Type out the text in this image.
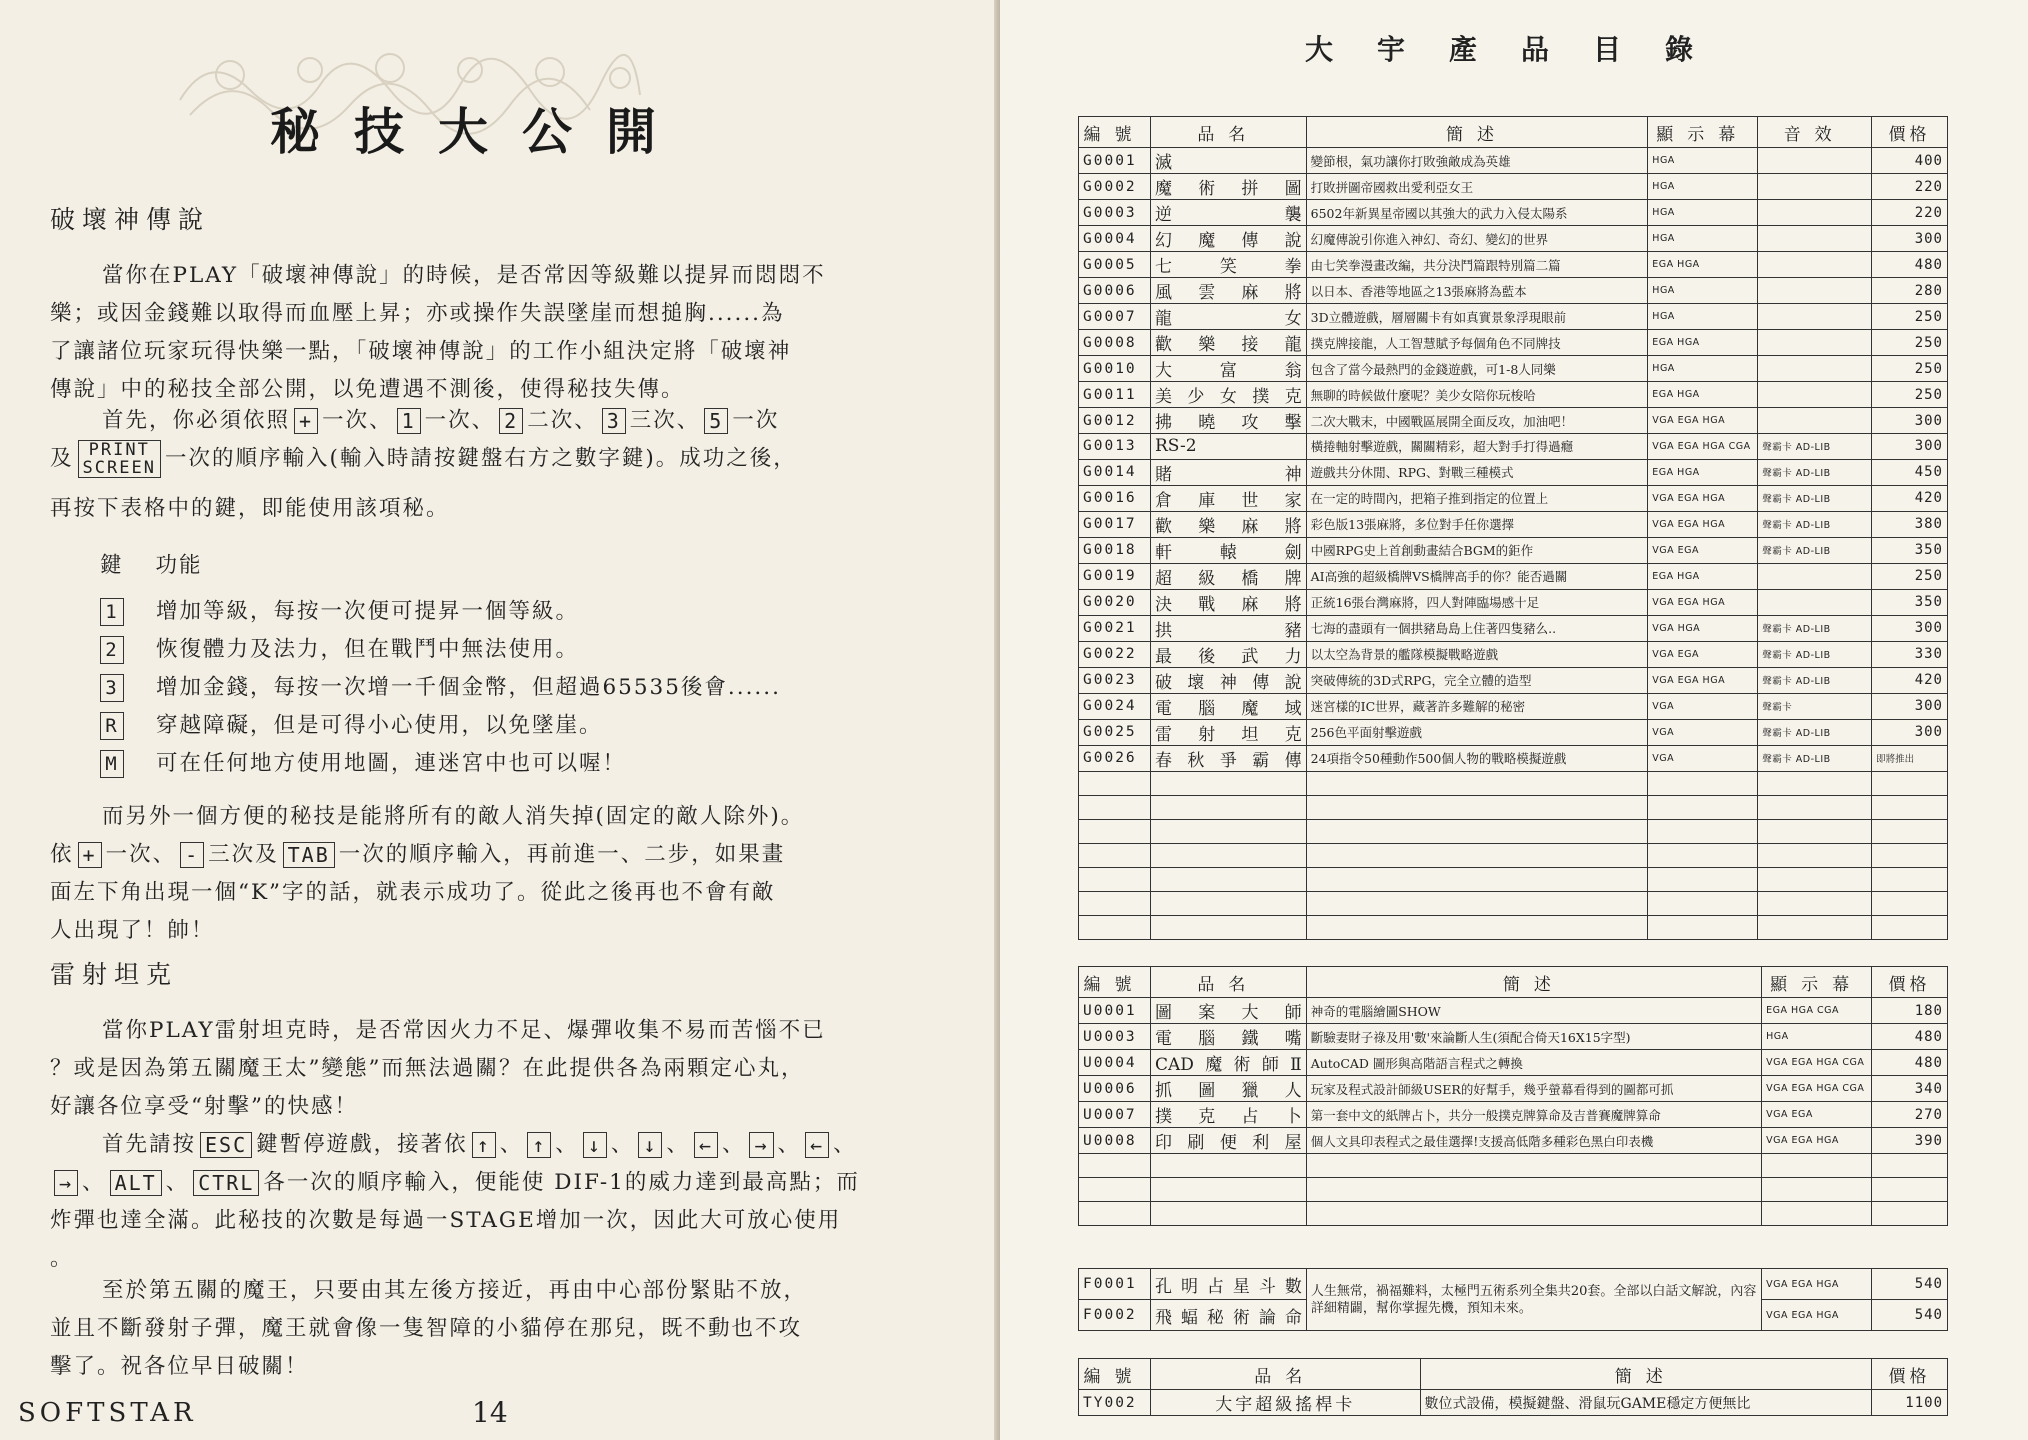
秘技大公開
破壞神傳說
當你在PLAY「破壞神傳說」的時候，是否常因等級難以提昇而悶悶不
樂；或因金錢難以取得而血壓上昇；亦或操作失誤墜崖而想搥胸......為
了讓諸位玩家玩得快樂一點，「破壞神傳說」的工作小組決定將「破壞神
傳說」中的秘技全部公開，以免遭遇不測後，使得秘技失傳。
首先，你必須依照 + 一次、 1 一次、 2 二次、 3 三次、 5 一次
及 PRINT
SCREEN 一次的順序輸入(輸入時請按鍵盤右方之數字鍵)。成功之後，
再按下表格中的鍵，即能使用該項秘。
鍵 功能
1 增加等級，每按一次便可提昇一個等級。
2 恢復體力及法力，但在戰鬥中無法使用。
3 增加金錢，每按一次增一千個金幣，但超過65535後會......
R 穿越障礙，但是可得小心使用，以免墜崖。
M 可在任何地方使用地圖，連迷宮中也可以喔！
而另外一個方便的秘技是能將所有的敵人消失掉(固定的敵人除外)。
依 + 一次、 - 三次及 TAB 一次的順序輸入，再前進一、二步，如果畫
面左下角出現一個“K”字的話，就表示成功了。從此之後再也不會有敵
人出現了！帥！
雷射坦克
當你PLAY雷射坦克時，是否常因火力不足、爆彈收集不易而苦惱不已
？或是因為第五關魔王太”變態”而無法過關？在此提供各為兩顆定心丸，
好讓各位享受“射擊”的快感！
首先請按 ESC 鍵暫停遊戲，接著依 ↑ 、 ↑ 、 ↓ 、 ↓ 、 ← 、 → 、 ← 、
→ 、 ALT 、 CTRL 各一次的順序輸入，便能使 DIF-1的威力達到最高點；而
炸彈也達全滿。此秘技的次數是每過一STAGE增加一次，因此大可放心使用
。
至於第五關的魔王，只要由其左後方接近，再由中心部份緊貼不放，
並且不斷發射子彈，魔王就會像一隻智障的小貓停在那兒，既不動也不攻
擊了。祝各位早日破關！
SOFTSTAR	14
大宇產品目錄
編號	品名	簡述	顯示幕	音效	價格
G0001	滅	變節根，氣功讓你打敗強敵成為英雄	HGA		400
G0002	魔術拼圖	打敗拼圖帝國救出愛利亞女王	HGA		220
G0003	逆襲	6502年新異星帝國以其強大的武力入侵太陽系	HGA		220
G0004	幻魔傳說	幻魔傳說引你進入神幻、奇幻、變幻的世界	HGA		300
G0005	七笑拳	由七笑拳漫畫改編，共分決鬥篇跟特別篇二篇	EGA HGA		480
G0006	風雲麻將	以日本、香港等地區之13張麻將為藍本	HGA		280
G0007	龍女	3D立體遊戲，層層關卡有如真實景象浮現眼前	HGA		250
G0008	歡樂接龍	撲克牌接龍，人工智慧賦予每個角色不同牌技	EGA HGA		250
G0010	大富翁	包含了當今最熱門的金錢遊戲，可1-8人同樂	HGA		250
G0011	美少女撲克	無聊的時候做什麼呢？美少女陪你玩梭哈	EGA HGA		250
G0012	拂曉攻擊	二次大戰末，中國戰區展開全面反攻，加油吧！	VGA EGA HGA		300
G0013	RS-2	橫捲軸射擊遊戲，關關精彩，超大對手打得過癮	VGA EGA HGA CGA	聲霸卡 AD-LIB	300
G0014	賭神	遊戲共分休閒、RPG、對戰三種模式	EGA HGA	聲霸卡 AD-LIB	450
G0016	倉庫世家	在一定的時間內，把箱子推到指定的位置上	VGA EGA HGA	聲霸卡 AD-LIB	420
G0017	歡樂麻將	彩色版13張麻將，多位對手任你選擇	VGA EGA HGA	聲霸卡 AD-LIB	380
G0018	軒轅劍	中國RPG史上首創動畫結合BGM的鉅作	VGA EGA	聲霸卡 AD-LIB	350
G0019	超級橋牌	AI高強的超級橋牌VS橋牌高手的你？能否過關	EGA HGA		250
G0020	決戰麻將	正統16張台灣麻將，四人對陣臨場感十足	VGA EGA HGA		350
G0021	拱豬	七海的盡頭有一個拱豬島島上住著四隻豬么..	VGA HGA	聲霸卡 AD-LIB	300
G0022	最後武力	以太空為背景的艦隊模擬戰略遊戲	VGA EGA	聲霸卡 AD-LIB	330
G0023	破壞神傳說	突破傳統的3D式RPG，完全立體的造型	VGA EGA HGA	聲霸卡 AD-LIB	420
G0024	電腦魔域	迷宮樣的IC世界，藏著許多難解的秘密	VGA	聲霸卡	300
G0025	雷射坦克	256色平面射擊遊戲	VGA	聲霸卡 AD-LIB	300
G0026	春秋爭霸傳	24項指令50種動作500個人物的戰略模擬遊戲	VGA	聲霸卡 AD-LIB	即將推出

編號	品名	簡述	顯示幕	價格
U0001	圖案大師	神奇的電腦繪圖SHOW	EGA HGA CGA	180
U0003	電腦鐵嘴	斷驗妻財子祿及用'數'來論斷人生(須配合倚天16X15字型)	HGA	480
U0004	CAD魔術師Ⅱ	AutoCAD 圖形與高階語言程式之轉換	VGA EGA HGA CGA	480
U0006	抓圖獵人	玩家及程式設計師級USER的好幫手，幾乎螢幕看得到的圖都可抓	VGA EGA HGA CGA	340
U0007	撲克占卜	第一套中文的紙牌占卜，共分一般撲克牌算命及吉普賽魔牌算命	VGA EGA	270
U0008	印刷便利屋	個人文具印表程式之最佳選擇!支援高低階多種彩色黑白印表機	VGA EGA HGA	390

F0001	孔明占星斗數	人生無常，禍福難料，太極門五術系列全集共20套。全部以白話文解說，內容詳細精闢，幫你掌握先機，預知未來。	VGA EGA HGA	540
F0002	飛蝠秘術論命		VGA EGA HGA	540
編號	品名	簡述	價格
TY002	大宇超級搖桿卡	數位式設備，模擬鍵盤、滑鼠玩GAME穩定方便無比	1100
